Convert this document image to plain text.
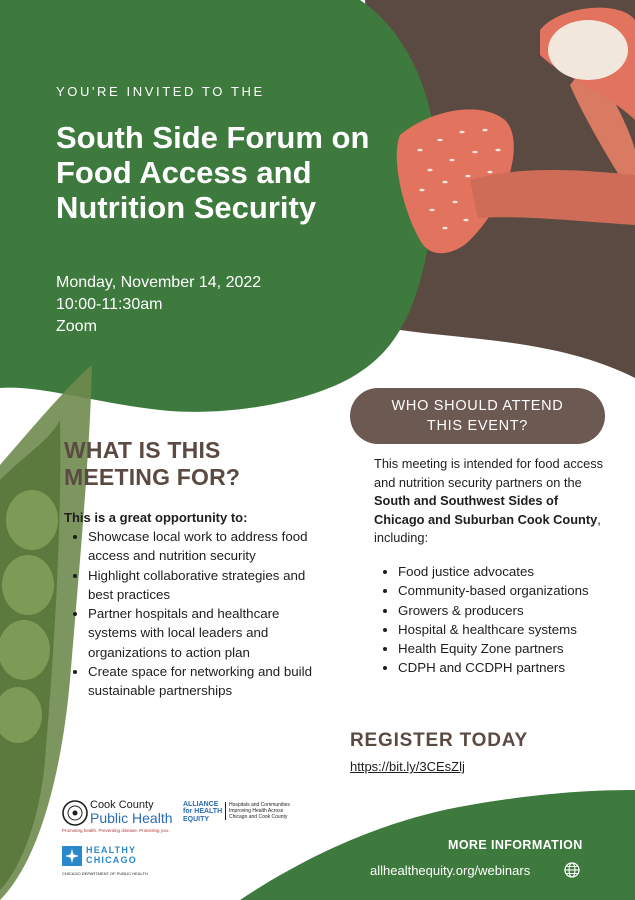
YOU'RE INVITED TO THE
South Side Forum on Food Access and Nutrition Security
Monday, November 14, 2022
10:00-11:30am
Zoom
WHAT IS THIS MEETING FOR?
This is a great opportunity to:
• Showcase local work to address food access and nutrition security
• Highlight collaborative strategies and best practices
• Partner hospitals and healthcare systems with local leaders and organizations to action plan
• Create space for networking and build sustainable partnerships
WHO SHOULD ATTEND THIS EVENT?
This meeting is intended for food access and nutrition security partners on the South and Southwest Sides of Chicago and Suburban Cook County, including:
• Food justice advocates
• Community-based organizations
• Growers & producers
• Hospital & healthcare systems
• Health Equity Zone partners
• CDPH and CCDPH partners
REGISTER TODAY
https://bit.ly/3CEsZlj
MORE INFORMATION
allhealthequity.org/webinars
Cook County
Public Health
Promoting health. Preventing disease. Protecting you.
ALLIANCE for HEALTH EQUITY
Hospitals and Communities Improving Health Across Chicago and Cook County
HEALTHY CHICAGO
CHICAGO DEPARTMENT OF PUBLIC HEALTH
